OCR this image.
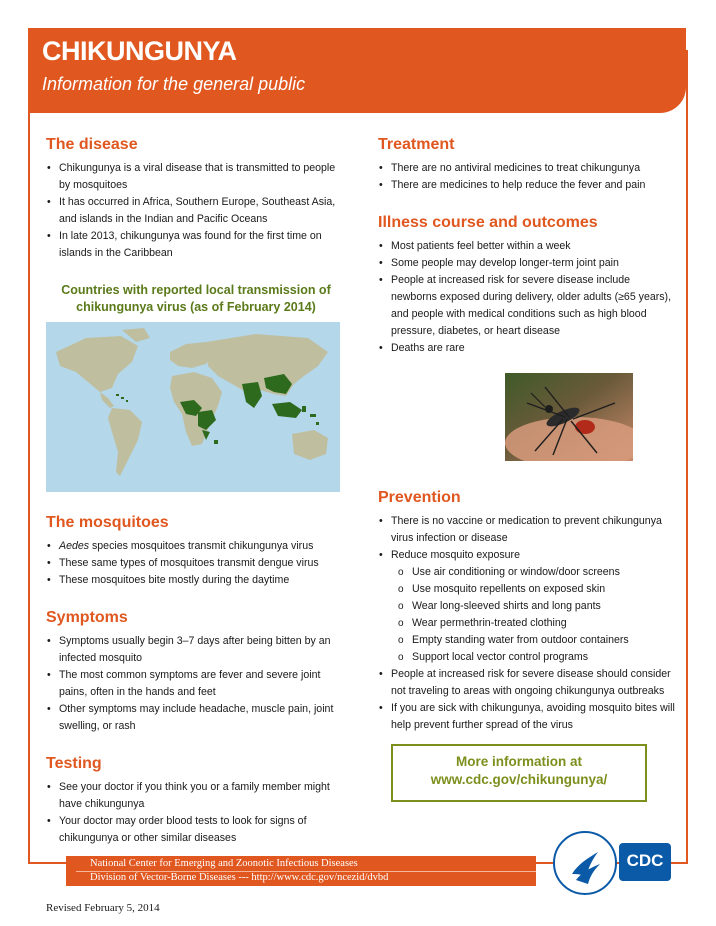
CHIKUNGUNYA
Information for the general public
The disease
• Chikungunya is a viral disease that is transmitted to people by mosquitoes
• It has occurred in Africa, Southern Europe, Southeast Asia, and islands in the Indian and Pacific Oceans
• In late 2013, chikungunya was found for the first time on islands in the Caribbean
Countries with reported local transmission of
chikungunya virus (as of February 2014)
The mosquitoes
• Aedes species mosquitoes transmit chikungunya virus
• These same types of mosquitoes transmit dengue virus
• These mosquitoes bite mostly during the daytime
Symptoms
• Symptoms usually begin 3–7 days after being bitten by an infected mosquito
• The most common symptoms are fever and severe joint pains, often in the hands and feet
• Other symptoms may include headache, muscle pain, joint swelling, or rash
Testing
• See your doctor if you think you or a family member might have chikungunya
• Your doctor may order blood tests to look for signs of chikungunya or other similar diseases
Treatment
• There are no antiviral medicines to treat chikungunya
• There are medicines to help reduce the fever and pain
Illness course and outcomes
• Most patients feel better within a week
• Some people may develop longer-term joint pain
• People at increased risk for severe disease include newborns exposed during delivery, older adults (≥65 years), and people with medical conditions such as high blood pressure, diabetes, or heart disease
• Deaths are rare
Prevention
• There is no vaccine or medication to prevent chikungunya virus infection or disease
• Reduce mosquito exposure
o Use air conditioning or window/door screens
o Use mosquito repellents on exposed skin
o Wear long-sleeved shirts and long pants
o Wear permethrin-treated clothing
o Empty standing water from outdoor containers
o Support local vector control programs
• People at increased risk for severe disease should consider not traveling to areas with ongoing chikungunya outbreaks
• If you are sick with chikungunya, avoiding mosquito bites will help prevent further spread of the virus
More information at
www.cdc.gov/chikungunya/
National Center for Emerging and Zoonotic Infectious Diseases
Division of Vector-Borne Diseases --- http://www.cdc.gov/ncezid/dvbd
CDC
Revised February 5, 2014
